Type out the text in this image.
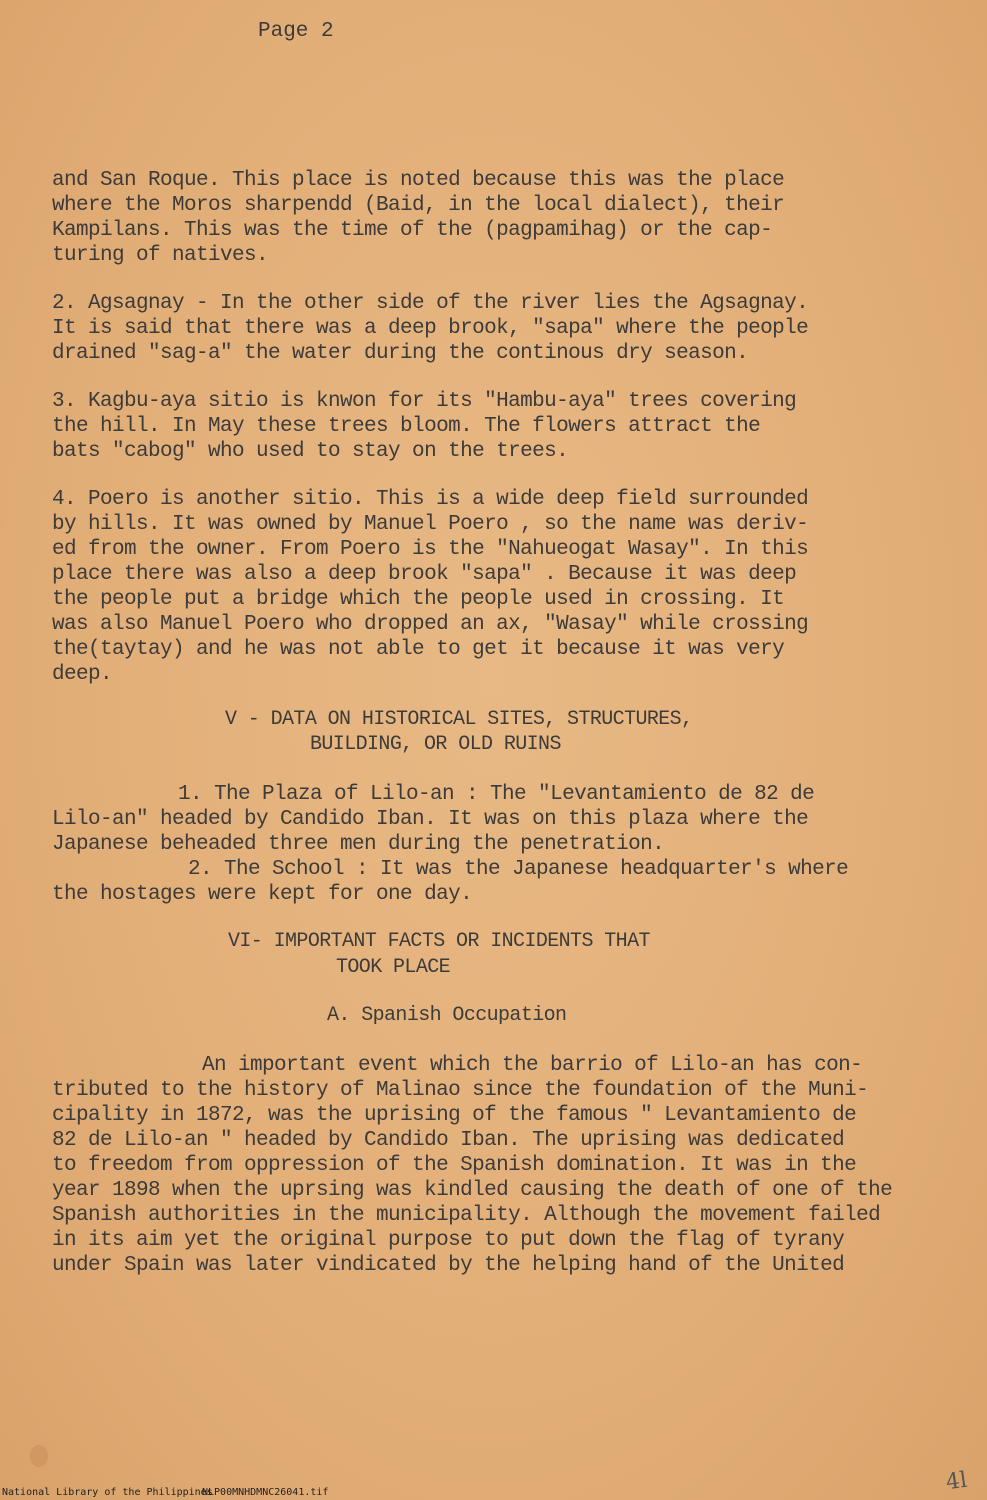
Page 2

and San Roque. This place is noted because this was the place

where the Moros sharpendd (Baid, in the local dialect), their

Kampilans. This was the time of the (pagpamihag) or the cap-

turing of natives.

2. Agsagnay - In the other side of the river lies the Agsagnay.

It is said that there was a deep brook, "sapa" where the people

drained "sag-a" the water during the continous dry season.

3. Kagbu-aya sitio is knwon for its "Hambu-aya" trees covering

the hill. In May these trees bloom. The flowers attract the

bats "cabog" who used to stay on the trees.

4. Poero is another sitio. This is a wide deep field surrounded

by hills. It was owned by Manuel Poero , so the name was deriv-

ed from the owner. From Poero is the "Nahueogat Wasay". In this

place there was also a deep brook "sapa" . Because it was deep

the people put a bridge which the people used in crossing. It

was also Manuel Poero who dropped an ax, "Wasay" while crossing

the(taytay) and he was not able to get it because it was very

deep.

V - DATA ON HISTORICAL SITES, STRUCTURES,
BUILDING, OR OLD RUINS

1. The Plaza of Lilo-an : The "Levantamiento de 82 de

Lilo-an" headed by Candido Iban. It was on this plaza where the

Japanese beheaded three men during the penetration.

2. The School : It was the Japanese headquarter's where

the hostages were kept for one day.

VI- IMPORTANT FACTS OR INCIDENTS THAT
TOOK PLACE
A. Spanish Occupation

An important event which the barrio of Lilo-an has con-

tributed to the history of Malinao since the foundation of the Muni-

cipality in 1872, was the uprising of the famous " Levantamiento de

82 de Lilo-an " headed by Candido Iban. The uprising was dedicated

to freedom from oppression of the Spanish domination. It was in the

year 1898 when the uprsing was kindled causing the death of one of the

Spanish authorities in the municipality. Although the movement failed

in its aim yet the original purpose to put down the flag of tyrany

under Spain was later vindicated by the helping hand of the United

National Library of the Philippines
NLP00MNHDMNC26041.tif	4l
